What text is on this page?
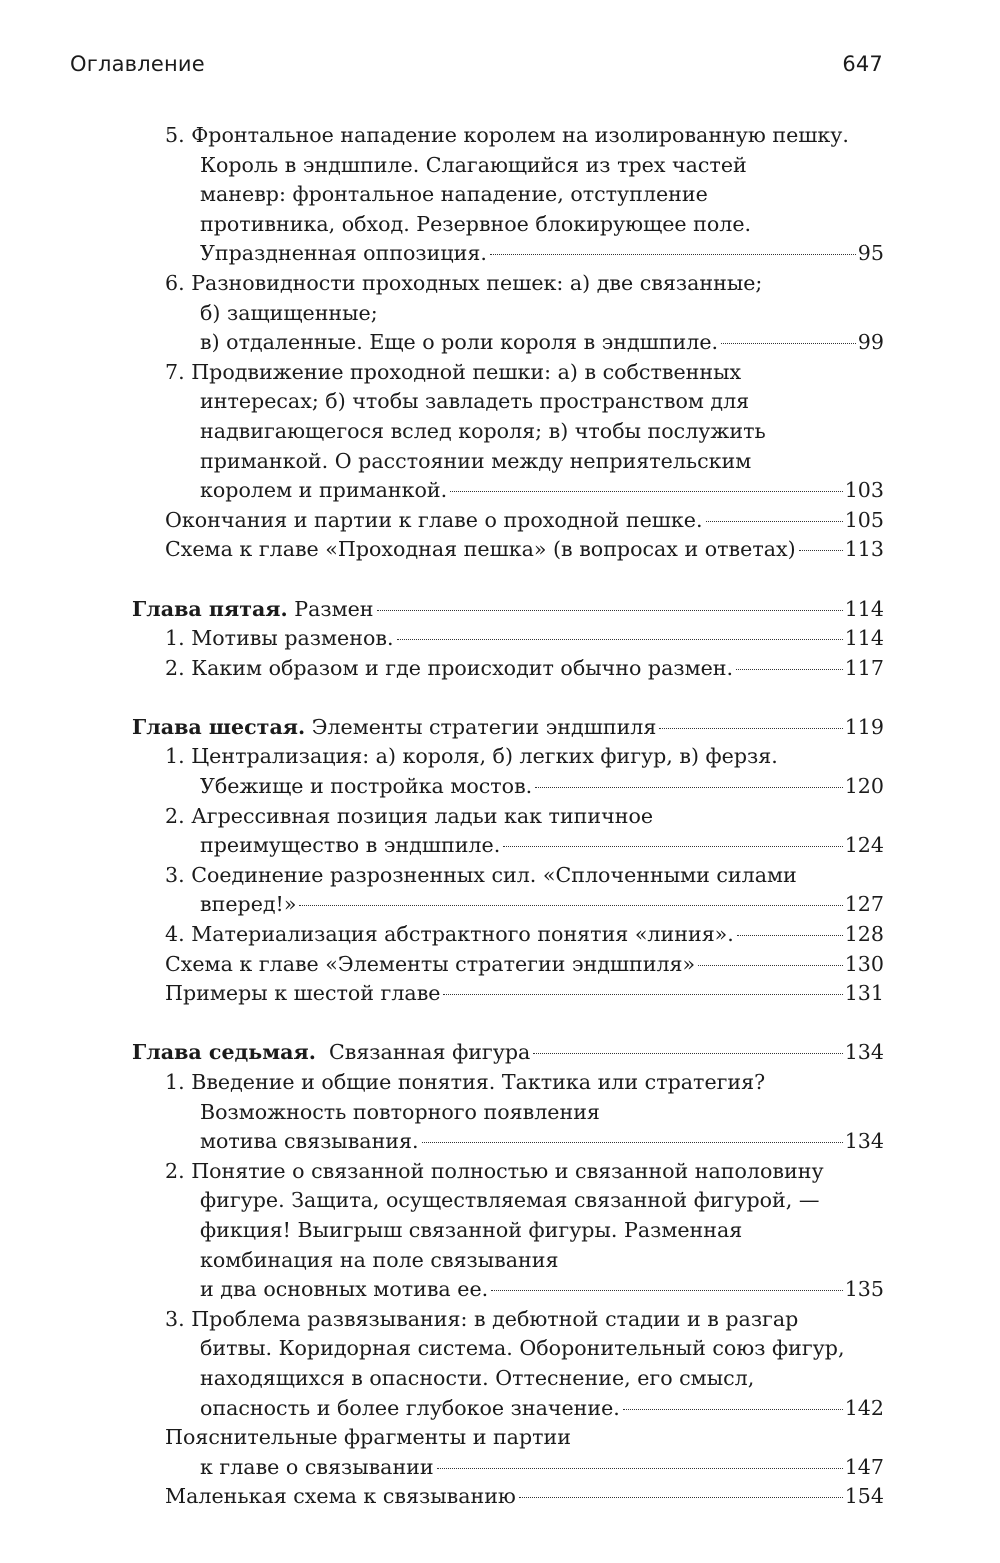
Оглавление	647
5. Фронтальное нападение королем на изолированную пешку.
Король в эндшпиле. Слагающийся из трех частей
маневр: фронтальное нападение, отступление
противника, обход. Резервное блокирующее поле.
Упраздненная оппозиция.	95
6. Разновидности проходных пешек: а) две связанные;
б) защищенные;
в) отдаленные. Еще о роли короля в эндшпиле.	99
7. Продвижение проходной пешки: а) в собственных
интересах; б) чтобы завладеть пространством для
надвигающегося вслед короля; в) чтобы послужить
приманкой. О расстоянии между неприятельским
королем и приманкой.	103
Окончания и партии к главе о проходной пешке.	105
Схема к главе «Проходная пешка» (в вопросах и ответах) 113
Глава пятая. Размен	114
1. Мотивы разменов.	114
2. Каким образом и где происходит обычно размен.	117
Глава шестая. Элементы стратегии эндшпиля	119
1. Централизация: а) короля, б) легких фигур, в) ферзя.
Убежище и постройка мостов.	120
2. Агрессивная позиция ладьи как типичное
преимущество в эндшпиле.	124
3. Соединение разрозненных сил. «Сплоченными силами
вперед!»	127
4. Материализация абстрактного понятия «линия».	128
Схема к главе «Элементы стратегии эндшпиля»	130
Примеры к шестой главе	131
Глава седьмая.  Связанная фигура	134
1. Введение и общие понятия. Тактика или стратегия?
Возможность повторного появления
мотива связывания.	134
2. Понятие о связанной полностью и связанной наполовину
фигуре. Защита, осуществляемая связанной фигурой, —
фикция! Выигрыш связанной фигуры. Разменная
комбинация на поле связывания
и два основных мотива ее.	135
3. Проблема развязывания: в дебютной стадии и в разгар
битвы. Коридорная система. Оборонительный союз фигур,
находящихся в опасности. Оттеснение, его смысл,
опасность и более глубокое значение.	142
Пояснительные фрагменты и партии
к главе о связывании	147
Маленькая схема к связыванию	154
